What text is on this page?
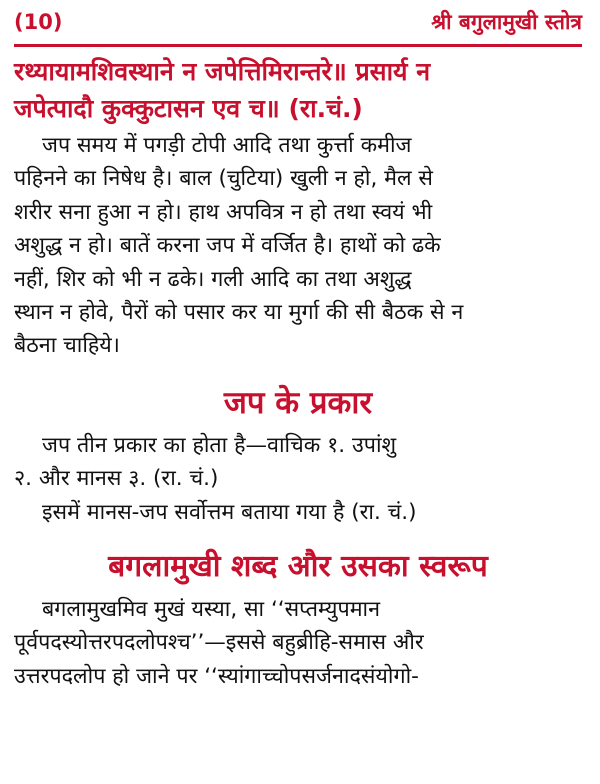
(10)	श्री बगुलामुखी स्तोत्र
रथ्यायामशिवस्थाने न जपेत्तिमिरान्तरे॥ प्रसार्य न
जपेत्पादौ कुक्कुटासन एव च॥ (रा.चं.)
जप समय में पगड़ी टोपी आदि तथा कुर्त्ता कमीज
पहिनने का निषेध है। बाल (चुटिया) खुली न हो, मैल से
शरीर सना हुआ न हो। हाथ अपवित्र न हो तथा स्वयं भी
अशुद्ध न हो। बातें करना जप में वर्जित है। हाथों को ढके
नहीं, शिर को भी न ढके। गली आदि का तथा अशुद्ध
स्थान न होवे, पैरों को पसार कर या मुर्गा की सी बैठक से न
बैठना चाहिये।
जप के प्रकार
जप तीन प्रकार का होता है—वाचिक १. उपांशु
२. और मानस ३. (रा. चं.)
इसमें मानस-जप सर्वोत्तम बताया गया है (रा. चं.)
बगलामुखी शब्द और उसका स्वरूप
बगलामुखमिव मुखं यस्या, सा ‘‘सप्तम्युपमान
पूर्वपदस्योत्तरपदलोपश्च’’—इससे बहुब्रीहि-समास और
उत्तरपदलोप हो जाने पर ‘‘स्यांगाच्चोपसर्जनादसंयोगो-
